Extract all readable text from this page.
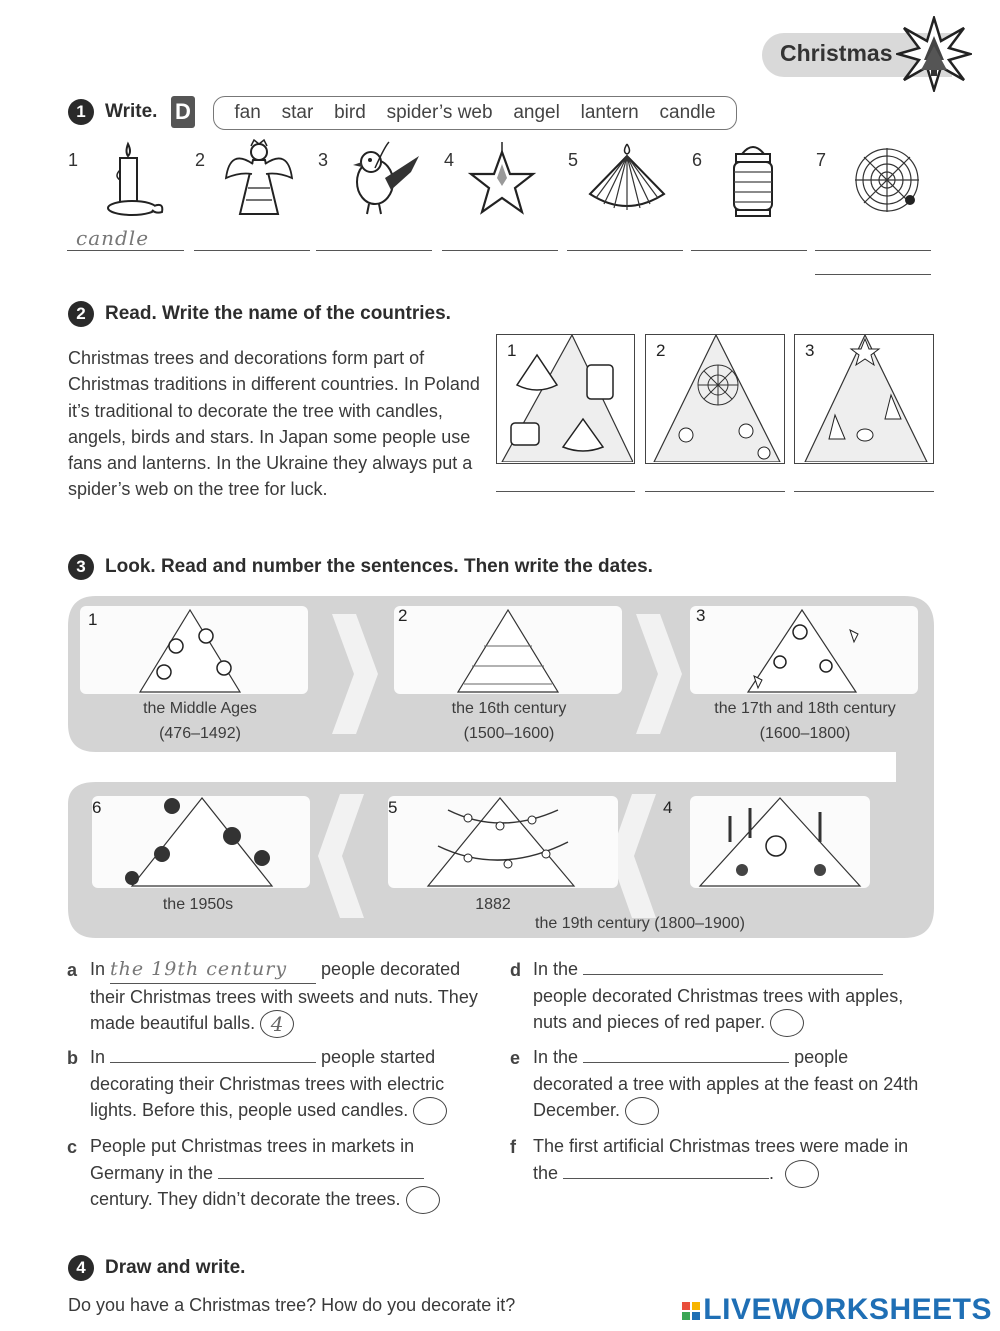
Christmas
1	Write. D fan star bird spider’s web angel lantern candle
1	2	3	4	5	6	7
candle
2	Read. Write the name of the countries.
Christmas trees and decorations form part of Christmas traditions in different countries. In Poland it’s traditional to decorate the tree with candles, angels, birds and stars. In Japan some people use fans and lanterns. In the Ukraine they always put a spider’s web on the tree for luck.
1	2	3
3	Look. Read and number the sentences. Then write the dates.
1	2	3
the Middle Ages
(476–1492)
the 16th century
(1500–1600)
the 17th and 18th century
(1600–1800)
6	5	4
the 1950s	1882
the 19th century (1800–1900)
a In the 19th century people decorated their Christmas trees with sweets and nuts. They made beautiful balls. 4
b In	people started decorating their Christmas trees with electric lights. Before this, people used candles.
c People put Christmas trees in markets in Germany in the  century. They didn’t decorate the trees.
d In the  people decorated Christmas trees with apples, nuts and pieces of red paper.
e In the	people decorated a tree with apples at the feast on 24th December.
f The first artificial Christmas trees were made in the	.
4	Draw and write.
Do you have a Christmas tree? How do you decorate it?	LIVEWORKSHEETS
